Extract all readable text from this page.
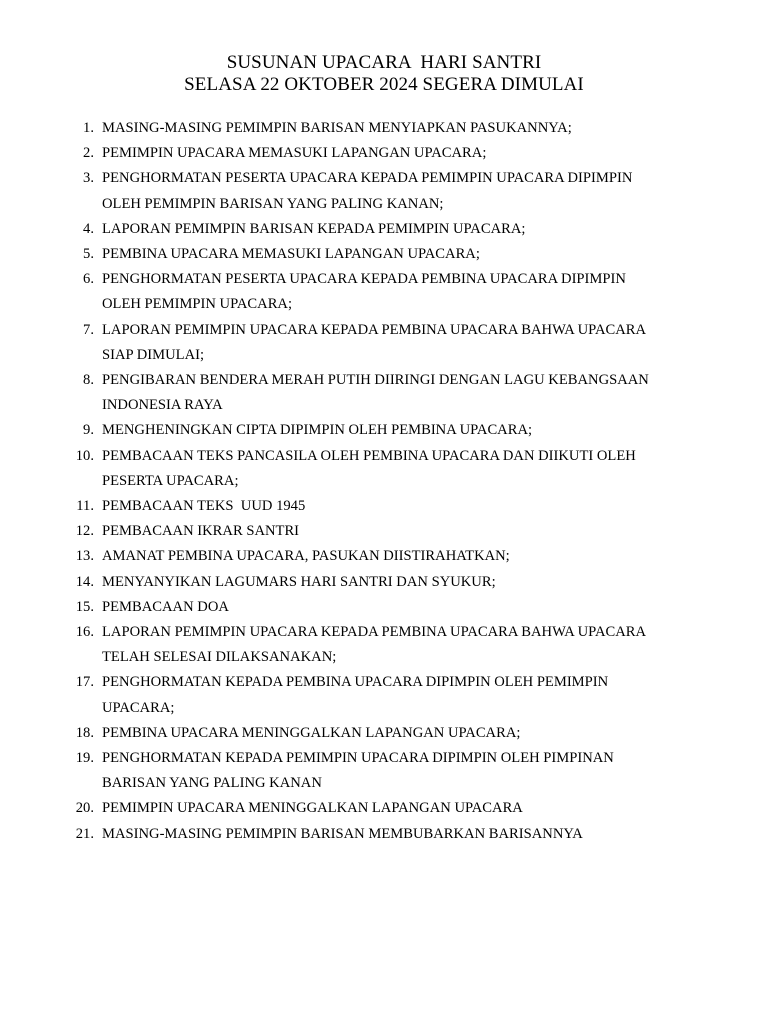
SUSUNAN UPACARA  HARI SANTRI
SELASA 22 OKTOBER 2024 SEGERA DIMULAI
1. MASING-MASING PEMIMPIN BARISAN MENYIAPKAN PASUKANNYA;
2. PEMIMPIN UPACARA MEMASUKI LAPANGAN UPACARA;
3. PENGHORMATAN PESERTA UPACARA KEPADA PEMIMPIN UPACARA DIPIMPIN
OLEH PEMIMPIN BARISAN YANG PALING KANAN;
4. LAPORAN PEMIMPIN BARISAN KEPADA PEMIMPIN UPACARA;
5. PEMBINA UPACARA MEMASUKI LAPANGAN UPACARA;
6. PENGHORMATAN PESERTA UPACARA KEPADA PEMBINA UPACARA DIPIMPIN
OLEH PEMIMPIN UPACARA;
7. LAPORAN PEMIMPIN UPACARA KEPADA PEMBINA UPACARA BAHWA UPACARA
SIAP DIMULAI;
8. PENGIBARAN BENDERA MERAH PUTIH DIIRINGI DENGAN LAGU KEBANGSAAN
INDONESIA RAYA
9. MENGHENINGKAN CIPTA DIPIMPIN OLEH PEMBINA UPACARA;
10. PEMBACAAN TEKS PANCASILA OLEH PEMBINA UPACARA DAN DIIKUTI OLEH
PESERTA UPACARA;
11. PEMBACAAN TEKS  UUD 1945
12. PEMBACAAN IKRAR SANTRI
13. AMANAT PEMBINA UPACARA, PASUKAN DIISTIRAHATKAN;
14. MENYANYIKAN LAGUMARS HARI SANTRI DAN SYUKUR;
15. PEMBACAAN DOA
16. LAPORAN PEMIMPIN UPACARA KEPADA PEMBINA UPACARA BAHWA UPACARA
TELAH SELESAI DILAKSANAKAN;
17. PENGHORMATAN KEPADA PEMBINA UPACARA DIPIMPIN OLEH PEMIMPIN
UPACARA;
18. PEMBINA UPACARA MENINGGALKAN LAPANGAN UPACARA;
19. PENGHORMATAN KEPADA PEMIMPIN UPACARA DIPIMPIN OLEH PIMPINAN
BARISAN YANG PALING KANAN
20. PEMIMPIN UPACARA MENINGGALKAN LAPANGAN UPACARA
21. MASING-MASING PEMIMPIN BARISAN MEMBUBARKAN BARISANNYA
